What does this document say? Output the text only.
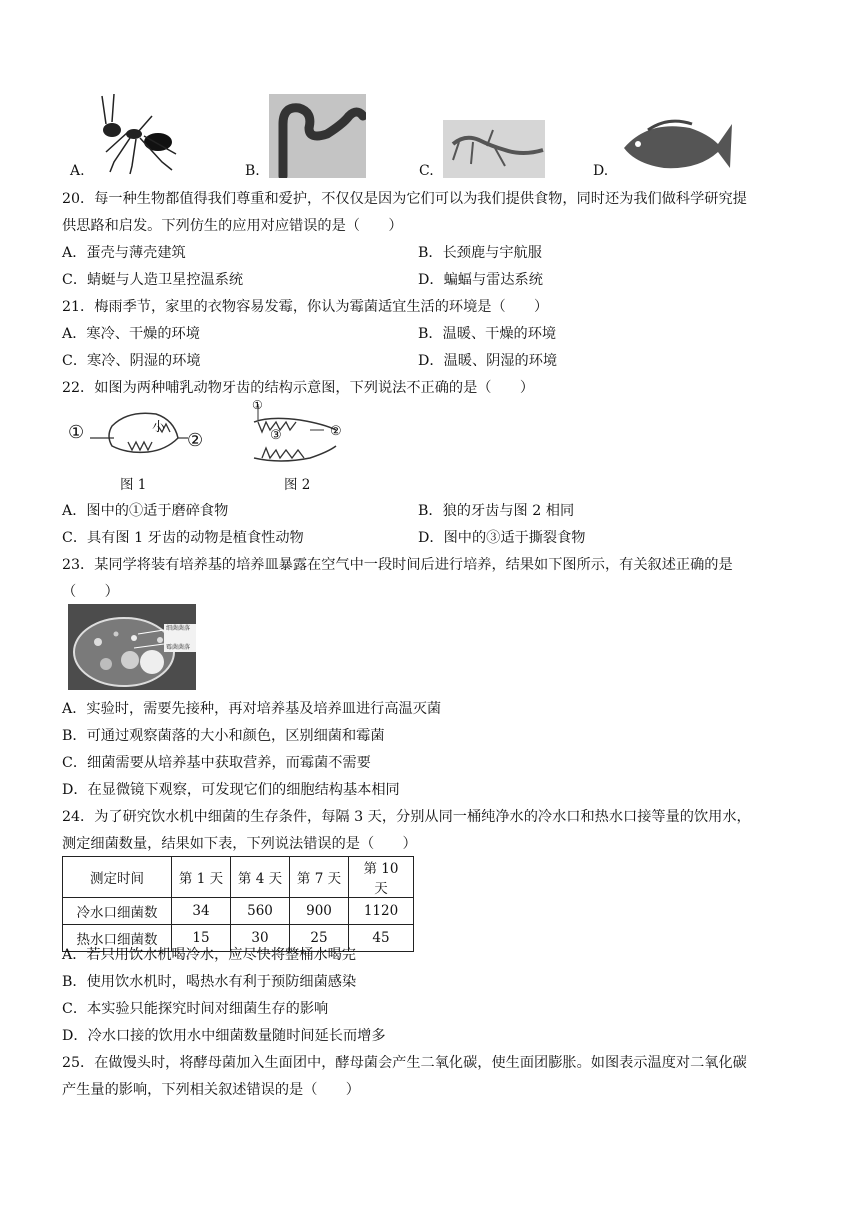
A.	B.	C.	D.
20．每一种生物都值得我们尊重和爱护，不仅仅是因为它们可以为我们提供食物，同时还为我们做科学研究提
供思路和启发。下列仿生的应用对应错误的是（　　）
A．蛋壳与薄壳建筑	B．长颈鹿与宇航服
C．蜻蜓与人造卫星控温系统	D．蝙蝠与雷达系统
21．梅雨季节，家里的衣物容易发霉，你认为霉菌适宜生活的环境是（　　）
A．寒冷、干燥的环境	B．温暖、干燥的环境
C．寒冷、阴湿的环境	D．温暖、阴湿的环境
22．如图为两种哺乳动物牙齿的结构示意图，下列说法不正确的是（　　）
①	小
②
①
③	②
图 1	图 2
A．图中的①适于磨碎食物	B．狼的牙齿与图 2 相同
C．具有图 1 牙齿的动物是植食性动物	D．图中的③适于撕裂食物
23．某同学将装有培养基的培养皿暴露在空气中一段时间后进行培养，结果如下图所示，有关叙述正确的是
（　　）
细菌菌落
霉菌菌落
A．实验时，需要先接种，再对培养基及培养皿进行高温灭菌
B．可通过观察菌落的大小和颜色，区别细菌和霉菌
C．细菌需要从培养基中获取营养，而霉菌不需要
D．在显微镜下观察，可发现它们的细胞结构基本相同
24．为了研究饮水机中细菌的生存条件，每隔 3 天，分别从同一桶纯净水的冷水口和热水口接等量的饮用水，
测定细菌数量，结果如下表，下列说法错误的是（　　）
测定时间	第 1 天	第 4 天	第 7 天	第 10 天
冷水口细菌数	34	560	900	1120
热水口细菌数	15	30	25	45
A．若只用饮水机喝冷水，应尽快将整桶水喝完
B．使用饮水机时，喝热水有利于预防细菌感染
C．本实验只能探究时间对细菌生存的影响
D．冷水口接的饮用水中细菌数量随时间延长而增多
25．在做馒头时，将酵母菌加入生面团中，酵母菌会产生二氧化碳，使生面团膨胀。如图表示温度对二氧化碳
产生量的影响，下列相关叙述错误的是（　　）
